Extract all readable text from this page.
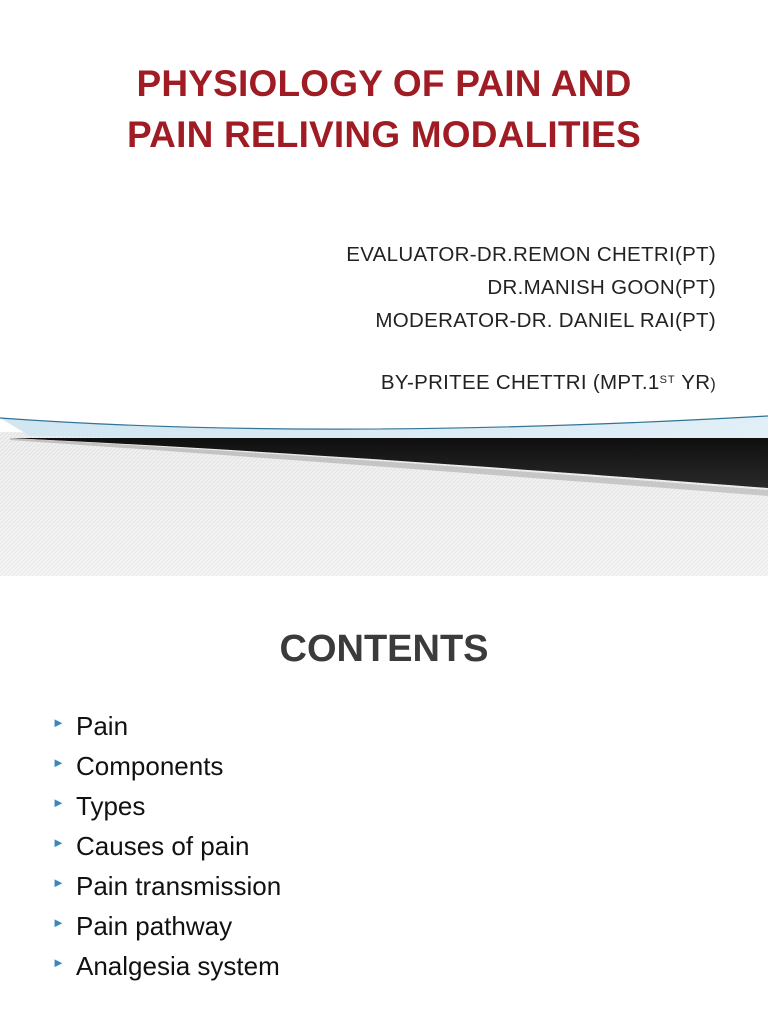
PHYSIOLOGY OF PAIN AND
PAIN RELIVING MODALITIES
EVALUATOR-DR.REMON CHETRI(PT)
DR.MANISH GOON(PT)
MODERATOR-DR. DANIEL RAI(PT)
BY-PRITEE CHETTRI (MPT.1ST YR)
CONTENTS
► Pain
► Components
► Types
► Causes of pain
► Pain transmission
► Pain pathway
► Analgesia system
